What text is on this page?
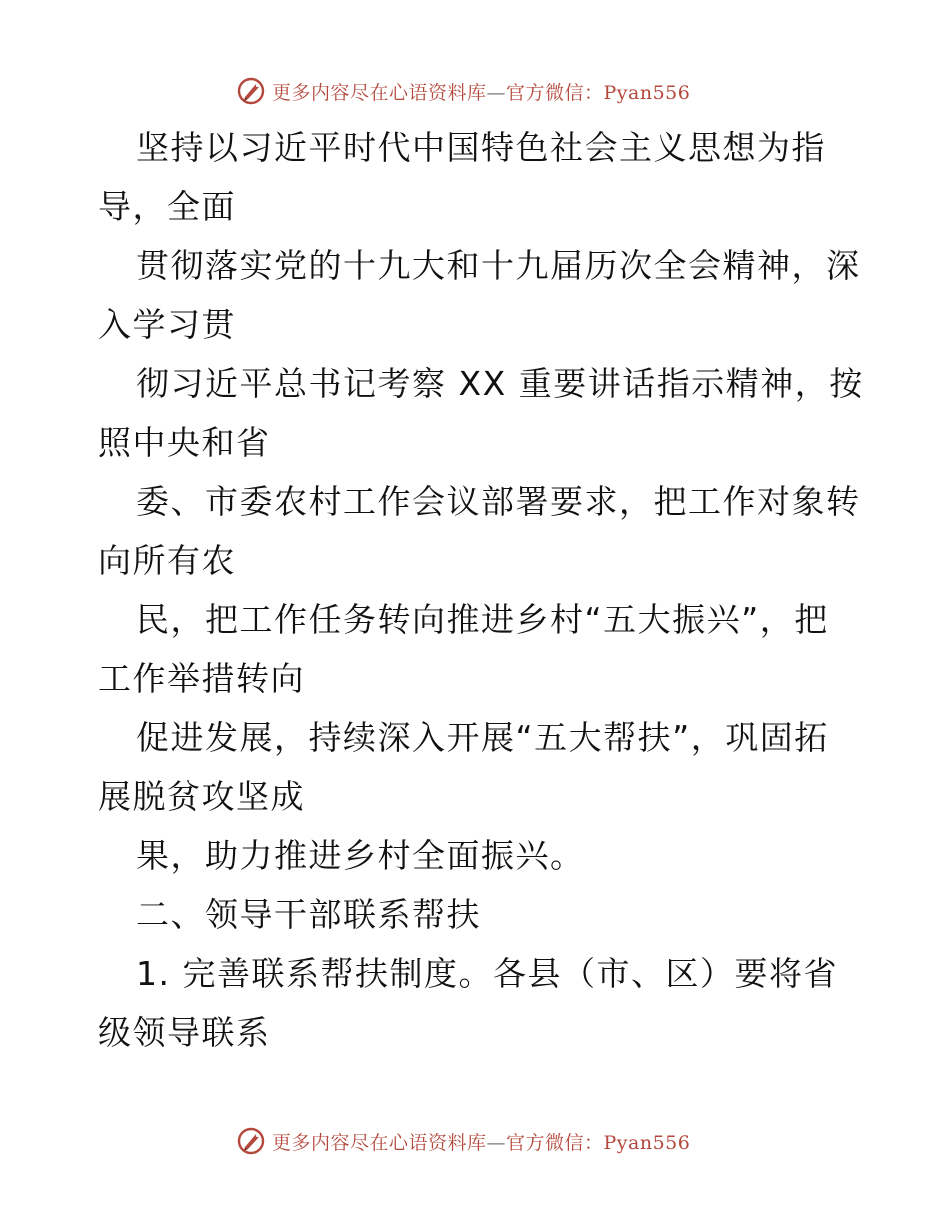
更多内容尽在心语资料库—官方微信：Pyan556
坚持以习近平时代中国特色社会主义思想为指
导，全面
贯彻落实党的十九大和十九届历次全会精神，深
入学习贯
彻习近平总书记考察 XX 重要讲话指示精神，按
照中央和省
委、市委农村工作会议部署要求，把工作对象转
向所有农
民，把工作任务转向推进乡村“五大振兴”，把
工作举措转向
促进发展，持续深入开展“五大帮扶”，巩固拓
展脱贫攻坚成
果，助力推进乡村全面振兴。
二、领导干部联系帮扶
1. 完善联系帮扶制度。各县（市、区）要将省
级领导联系
更多内容尽在心语资料库—官方微信：Pyan556
